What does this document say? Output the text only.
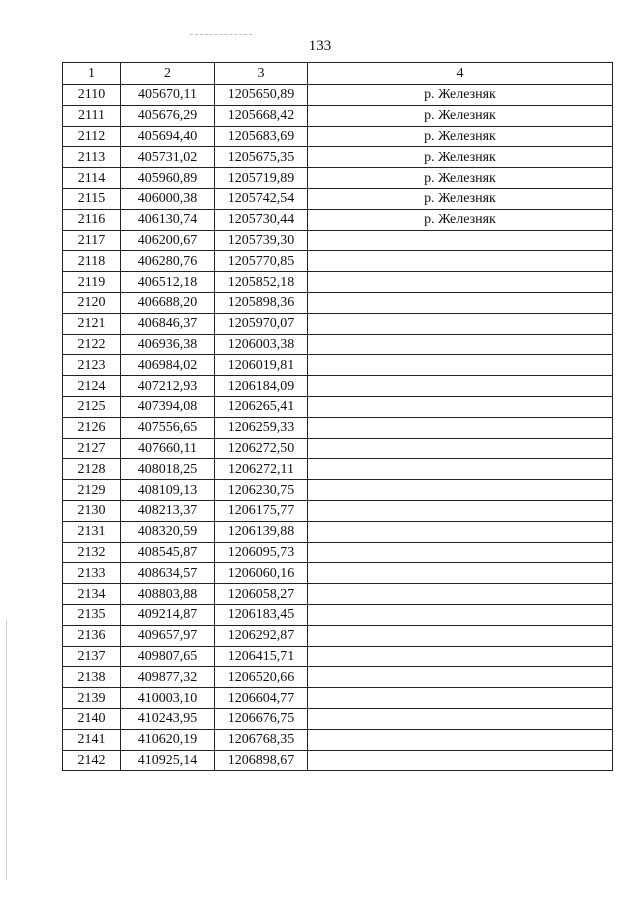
133
1	2	3	4
2110	405670,11	1205650,89	р. Железняк
2111	405676,29	1205668,42	р. Железняк
2112	405694,40	1205683,69	р. Железняк
2113	405731,02	1205675,35	р. Железняк
2114	405960,89	1205719,89	р. Железняк
2115	406000,38	1205742,54	р. Железняк
2116	406130,74	1205730,44	р. Железняк
2117	406200,67	1205739,30	
2118	406280,76	1205770,85	
2119	406512,18	1205852,18	
2120	406688,20	1205898,36	
2121	406846,37	1205970,07	
2122	406936,38	1206003,38	
2123	406984,02	1206019,81	
2124	407212,93	1206184,09	
2125	407394,08	1206265,41	
2126	407556,65	1206259,33	
2127	407660,11	1206272,50	
2128	408018,25	1206272,11	
2129	408109,13	1206230,75	
2130	408213,37	1206175,77	
2131	408320,59	1206139,88	
2132	408545,87	1206095,73	
2133	408634,57	1206060,16	
2134	408803,88	1206058,27	
2135	409214,87	1206183,45	
2136	409657,97	1206292,87	
2137	409807,65	1206415,71	
2138	409877,32	1206520,66	
2139	410003,10	1206604,77	
2140	410243,95	1206676,75	
2141	410620,19	1206768,35	
2142	410925,14	1206898,67	
